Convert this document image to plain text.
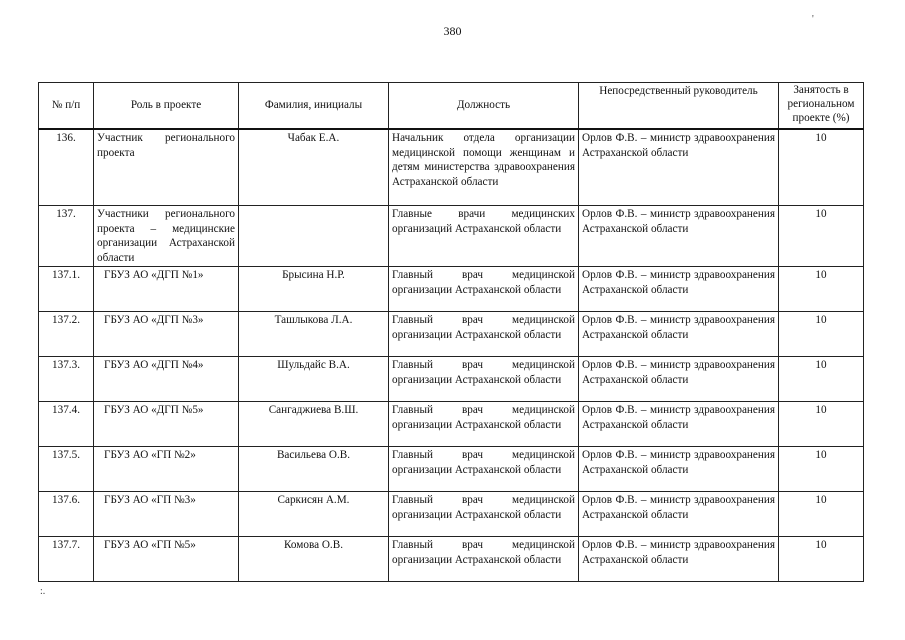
380
'
:.
№ п/п	Роль в проекте	Фамилия, инициалы	Должность	Непосредственный руководитель	Занятость в региональном проекте (%)
136.	Участник регионального проекта	Чабак Е.А.	Начальник отдела организации медицинской помощи женщинам и детям министерства здравоохранения Астраханской области	Орлов Ф.В. – министр здравоохранения Астраханской области	10
137.	Участники регионального проекта – медицинские организации Астраханской области		Главные врачи медицинских организаций Астраханской области	Орлов Ф.В. – министр здравоохранения Астраханской области	10
137.1.	ГБУЗ АО «ДГП №1»	Брысина Н.Р.	Главный врач медицинской организации Астраханской области	Орлов Ф.В. – министр здравоохранения Астраханской области	10
137.2.	ГБУЗ АО «ДГП №3»	Ташлыкова Л.А.	Главный врач медицинской организации Астраханской области	Орлов Ф.В. – министр здравоохранения Астраханской области	10
137.3.	ГБУЗ АО «ДГП №4»	Шульдайс В.А.	Главный врач медицинской организации Астраханской области	Орлов Ф.В. – министр здравоохранения Астраханской области	10
137.4.	ГБУЗ АО «ДГП №5»	Сангаджиева В.Ш.	Главный врач медицинской организации Астраханской области	Орлов Ф.В. – министр здравоохранения Астраханской области	10
137.5.	ГБУЗ АО «ГП №2»	Васильева О.В.	Главный врач медицинской организации Астраханской области	Орлов Ф.В. – министр здравоохранения Астраханской области	10
137.6.	ГБУЗ АО «ГП №3»	Саркисян А.М.	Главный врач медицинской организации Астраханской области	Орлов Ф.В. – министр здравоохранения Астраханской области	10
137.7.	ГБУЗ АО «ГП №5»	Комова О.В.	Главный врач медицинской организации Астраханской области	Орлов Ф.В. – министр здравоохранения Астраханской области	10
